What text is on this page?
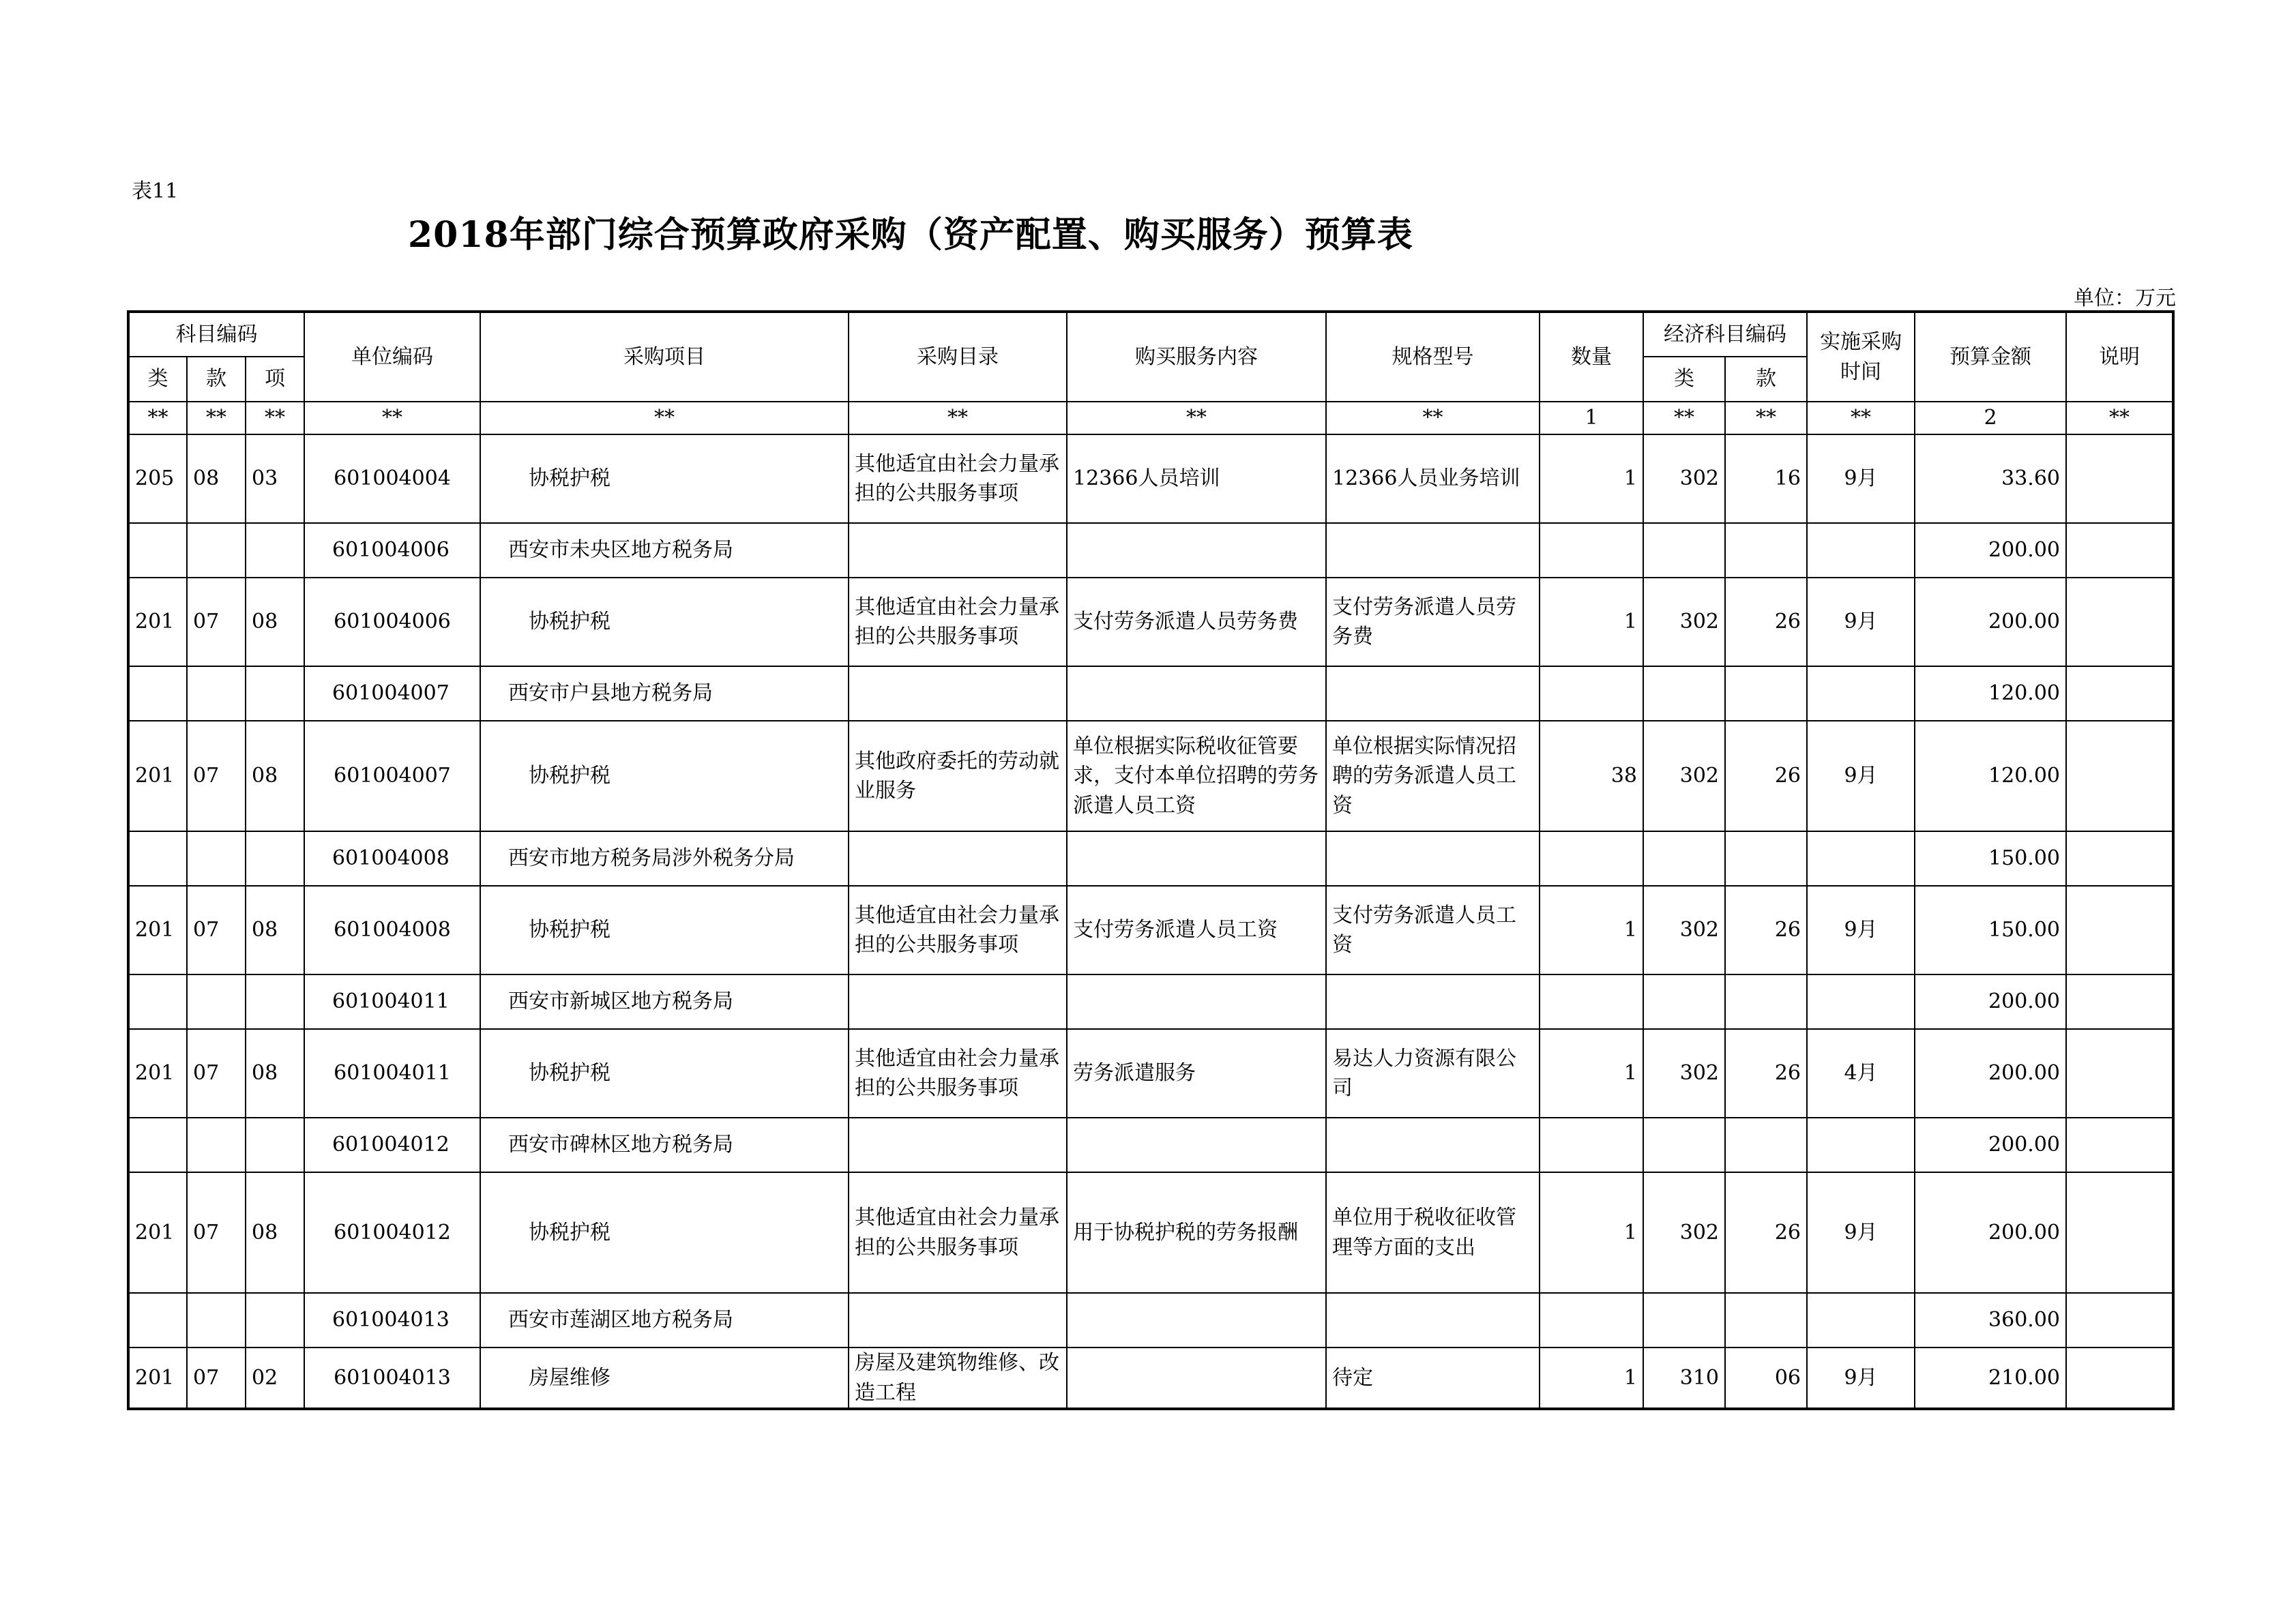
表11
2018年部门综合预算政府采购（资产配置、购买服务）预算表
单位：万元
科目编码			单位编码	采购项目	采购目录	购买服务内容	规格型号	数量	经济科目编码		实施采购时间	预算金额	说明
类	款	项							类	款			
**	**	**	**	**	**	**	**	1	**	**	**	2	**
205	08	03	601004004	协税护税	其他适宜由社会力量承担的公共服务事项	12366人员培训	12366人员业务培训	1	302	16	9月	33.60	
			601004006	西安市未央区地方税务局								200.00	
201	07	08	601004006	协税护税	其他适宜由社会力量承担的公共服务事项	支付劳务派遣人员劳务费	支付劳务派遣人员劳务费	1	302	26	9月	200.00	
			601004007	西安市户县地方税务局								120.00	
201	07	08	601004007	协税护税	其他政府委托的劳动就业服务	单位根据实际税收征管要求，支付本单位招聘的劳务派遣人员工资	单位根据实际情况招聘的劳务派遣人员工资	38	302	26	9月	120.00	
			601004008	西安市地方税务局涉外税务分局								150.00	
201	07	08	601004008	协税护税	其他适宜由社会力量承担的公共服务事项	支付劳务派遣人员工资	支付劳务派遣人员工资	1	302	26	9月	150.00	
			601004011	西安市新城区地方税务局								200.00	
201	07	08	601004011	协税护税	其他适宜由社会力量承担的公共服务事项	劳务派遣服务	易达人力资源有限公司	1	302	26	4月	200.00	
			601004012	西安市碑林区地方税务局								200.00	
201	07	08	601004012	协税护税	其他适宜由社会力量承担的公共服务事项	用于协税护税的劳务报酬	单位用于税收征收管理等方面的支出	1	302	26	9月	200.00	
			601004013	西安市莲湖区地方税务局								360.00	
201	07	02	601004013	房屋维修	房屋及建筑物维修、改造工程		待定	1	310	06	9月	210.00	
